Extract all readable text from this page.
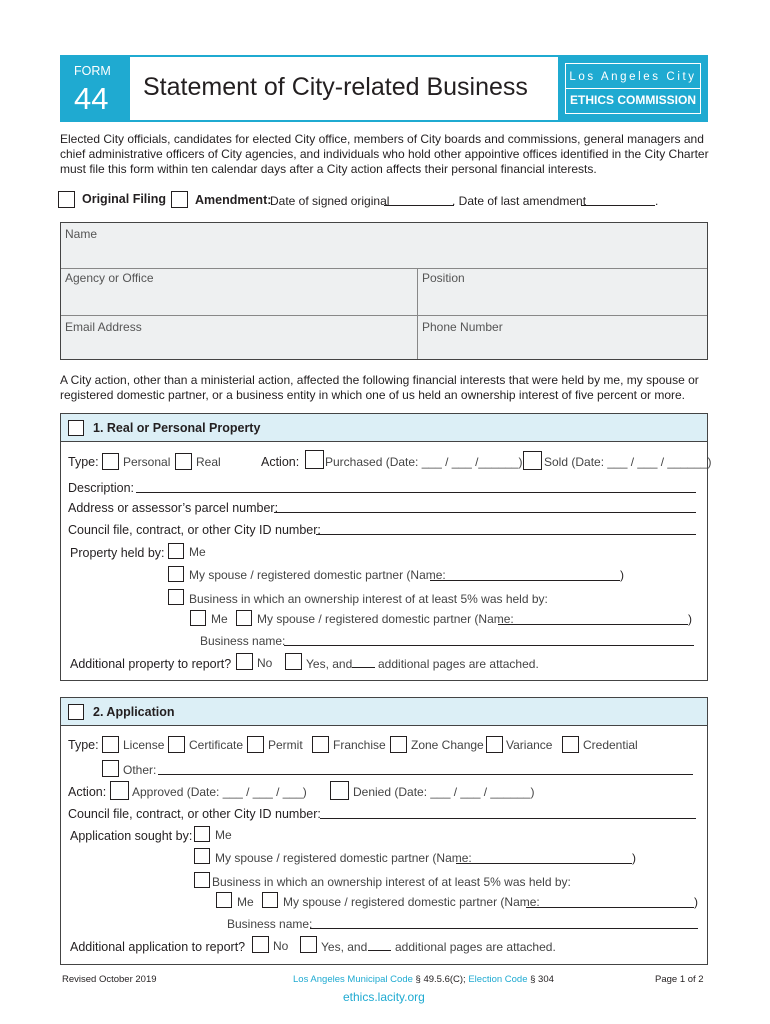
FORM
44 Statement of City-related Business	Los Angeles City
ETHICS COMMISSION
Elected City officials, candidates for elected City office, members of City boards and commissions, general managers and
chief administrative officers of City agencies, and individuals who hold other appointive offices identified in the City Charter
must file this form within ten calendar days after a City action affects their personal financial interests.
Original Filing Amendment:
Date of signed original	. Date of last amendment	.
Name
Agency or Office	Position
Email Address	Phone Number
A City action, other than a ministerial action, affected the following financial interests that were held by me, my spouse or
registered domestic partner, or a business entity in which one of us held an ownership interest of five percent or more.
1. Real or Personal Property
Type: Personal Real	Action: Purchased (Date: ___ / ___ /______) Sold (Date: ___ / ___ / ______)
Description:
Address or assessor’s parcel number:
Council file, contract, or other City ID number:
Property held by: Me
My spouse / registered domestic partner (Name:	)
Business in which an ownership interest of at least 5% was held by:
Me My spouse / registered domestic partner (Name:	)
Business name:
Additional property to report? No	Yes, and additional pages are attached.
2. Application
Type: License Certificate Permit	Franchise Zone Change Variance	Credential
Other:
Action: Approved (Date: ___ / ___ / ___)	Denied (Date: ___ / ___ / ______)
Council file, contract, or other City ID number:
Application sought by: Me
My spouse / registered domestic partner (Name:	)
Business in which an ownership interest of at least 5% was held by:
Me My spouse / registered domestic partner (Name:	)
Business name:
Additional application to report? No	Yes, and additional pages are attached.
Revised October 2019	Los Angeles Municipal Code § 49.5.6(C); Election Code § 304	Page 1 of 2
ethics.lacity.org
